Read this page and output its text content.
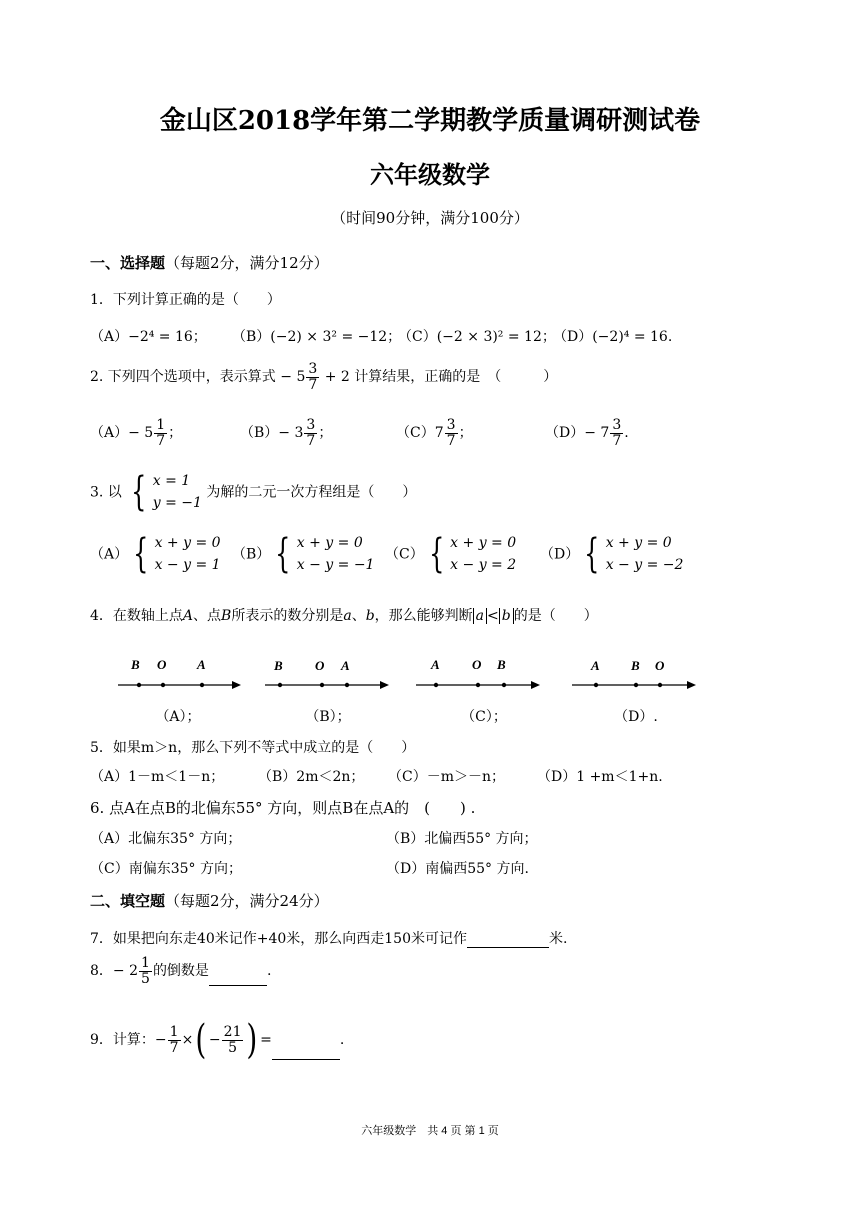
金山区2018学年第二学期教学质量调研测试卷
六年级数学
（时间90分钟，满分100分）
一、选择题（每题2分，满分12分）
1．下列计算正确的是（　　）
（A）−2⁴ = 16； （B）(−2) × 3² = −12；
（C）(−2 × 3)² = 12；
（D）(−2)⁴ = 16.
2. 下列四个选项中，表示算式 − $5 \frac{3}{7} + 2$ 计算结果，正确的是　（　　　）
$(A)- 5 \frac{1}{7}$ ；	$(B)- 3 \frac{3}{7}$ ；	$(C)7 \frac{3}{7}$ ；	$(D)- 7 \frac{3}{7}$ .
3. 以 { x = 1
y = −1
为解的二元一次方程组是（　　）
（A） { x + y = 0
x − y = 1
（B） { x + y = 0
x − y = −1
（C） { x + y = 0
x − y = 2
（D） { x + y = 0
x − y = −2
4．在数轴上点A、点B所表示的数分别是a、b，那么能够判断 a < b 的是（　　）
B O A	B O A	A O B	A B O
（A）；	（B）；	（C）；	（D）.
5．如果m＞n，那么下列不等式中成立的是（　　）
（A）1－m＜1－n； （B）2m＜2n； （C）－m＞－n； （D）1 +m＜1+n.
6. 点A在点B的北偏东55° 方向，则点B在点A的　(　　) .
（A）北偏东35° 方向；	（B）北偏西55° 方向；
（C）南偏东35° 方向；	（D）南偏西55° 方向.
二、填空题（每题2分，满分24分）
7．如果把向东走40米记作+40米，那么向西走150米可记作	米.
8．− $2 \frac{1}{5}$ 的倒数是	.
9．计算：− $\frac{1}{7}$ ×( − $\frac{21}{5}$ ) =	.
六年级数学　共 4 页 第 1 页
